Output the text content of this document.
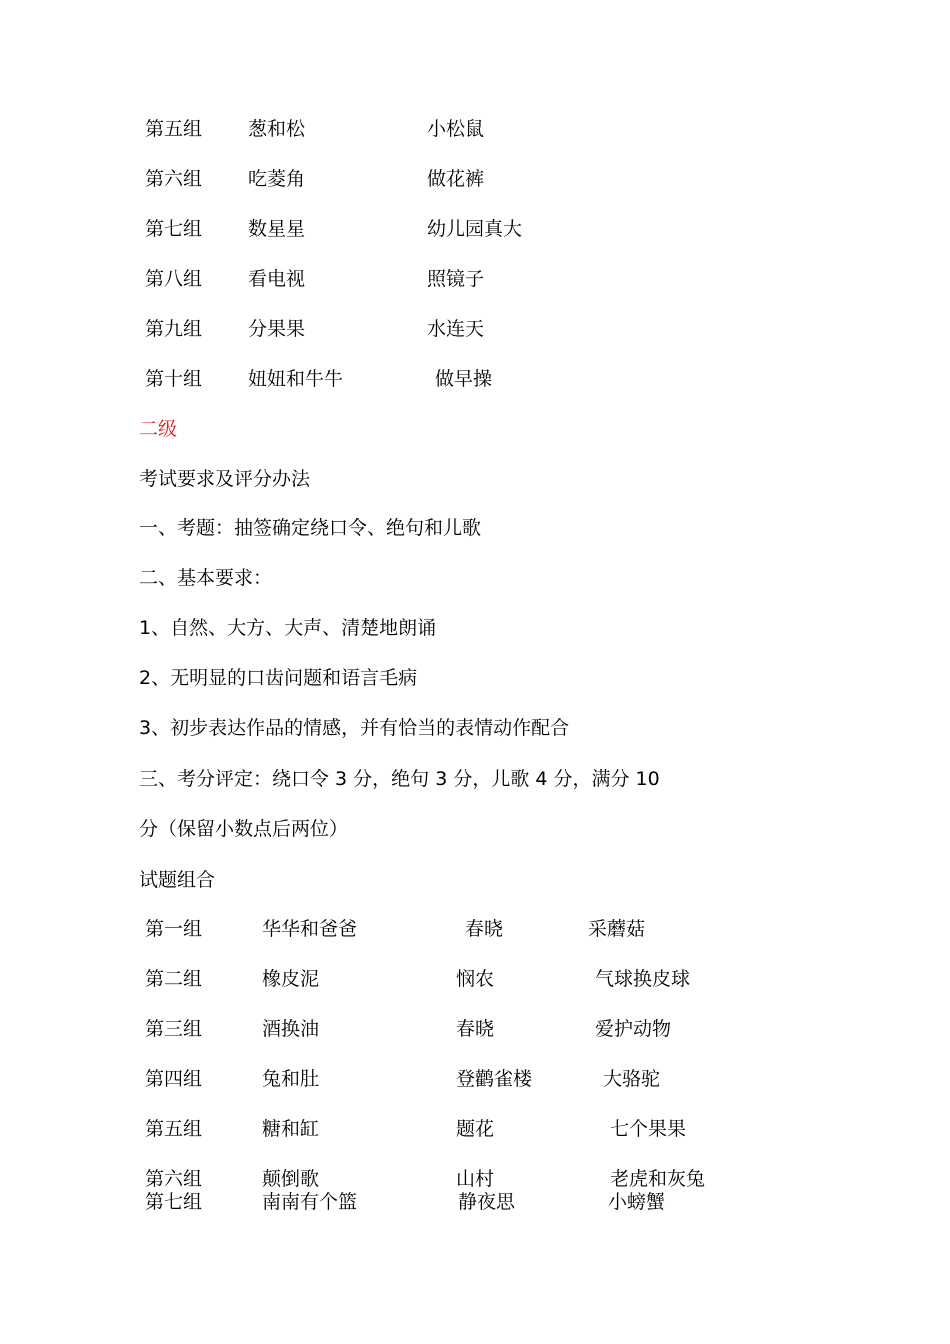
第五组 葱和松	小松鼠
第六组 吃菱角	做花裤
第七组 数星星	幼儿园真大
第八组 看电视	照镜子
第九组 分果果	水连天
第十组 妞妞和牛牛	做早操
二级
考试要求及评分办法
一、考题：抽签确定绕口令、绝句和儿歌
二、基本要求：
1、自然、大方、大声、清楚地朗诵
2、无明显的口齿问题和语言毛病
3、初步表达作品的情感，并有恰当的表情动作配合
三、考分评定：绕口令 3 分，绝句 3 分，儿歌 4 分，满分 10
分（保留小数点后两位）
试题组合
第一组	华华和爸爸	春晓	采蘑菇
第二组	橡皮泥	悯农	气球换皮球
第三组	酒换油	春晓	爱护动物
第四组	兔和肚	登鹳雀楼	大骆驼
第五组	糖和缸	题花	七个果果
第六组	颠倒歌	山村	老虎和灰兔
第七组	南南有个篮	静夜思	小螃蟹
